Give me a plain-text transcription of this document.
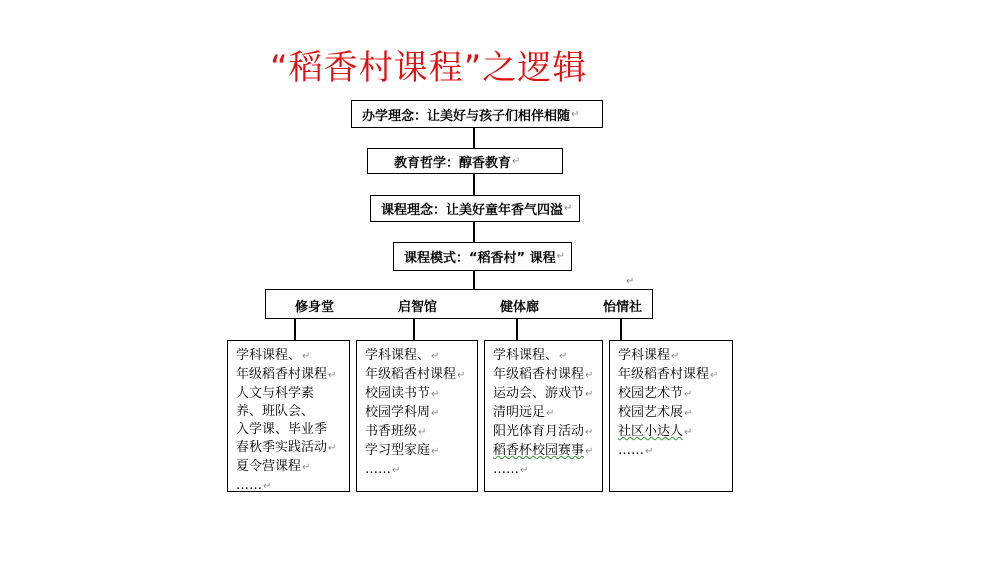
“稻香村课程”之逻辑
办学理念：让美好与孩子们相伴相随 ↵
教育哲学：醇香教育 ↵
课程理念：让美好童年香气四溢 ↵
课程模式：“稻香村” 课程 ↵
↵
修身堂	启智馆	健体廊	怡情社
学科课程、↵
年级稻香村课程↵
人文与科学素
养、班队会、
入学课、毕业季
春秋季实践活动↵
夏令营课程↵
……↵
学科课程、↵
年级稻香村课程↵
校园读书节↵
校园学科周↵
书香班级↵
学习型家庭↵
……↵
学科课程、↵
年级稻香村课程↵
运动会、游戏节↵
清明远足↵
阳光体育月活动↵
稻香杯校园赛事↵
……↵
学科课程↵
年级稻香村课程↵
校园艺术节↵
校园艺术展↵
社区小达人↵
……↵
